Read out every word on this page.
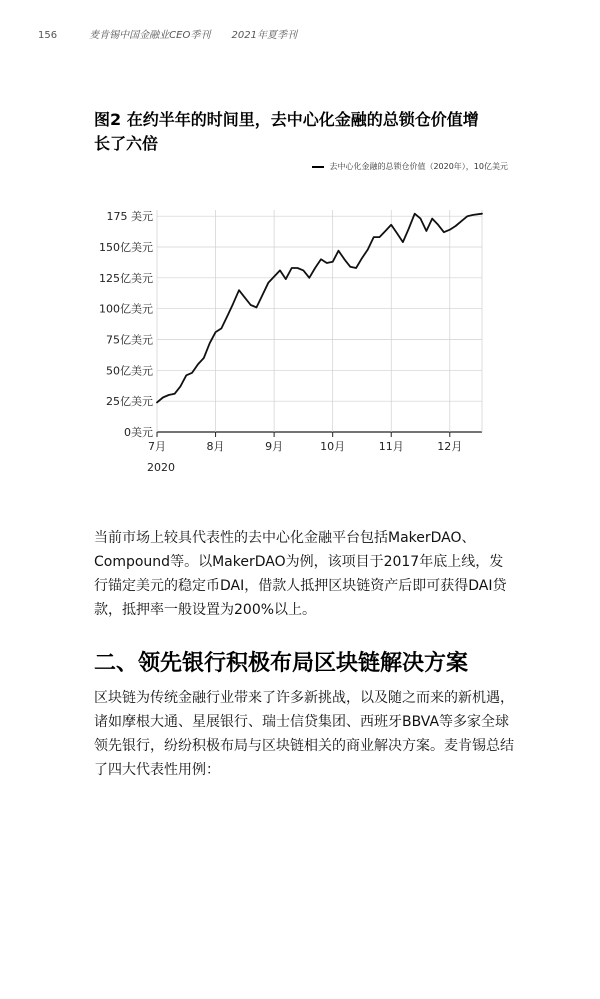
156	麦肯锡中国金融业CEO季刊 2021年夏季刊
图2 在约半年的时间里，去中心化金融的总锁仓价值增
长了六倍
去中心化金融的总锁仓价值（2020年），10亿美元
0美元
25亿美元
50亿美元
75亿美元
100亿美元
125亿美元
150亿美元
175 美元
7月	8月	9月	10月	11月	12月
2020
当前市场上较具代表性的去中心化金融平台包括MakerDAO、Compound等。以MakerDAO为例，该项目于2017年底上线，发行锚定美元的稳定币DAI，借款人抵押区块链资产后即可获得DAI贷款，抵押率一般设置为200%以上。
二、领先银行积极布局区块链解决方案
区块链为传统金融行业带来了许多新挑战，以及随之而来的新机遇，诸如摩根大通、星展银行、瑞士信贷集团、西班牙BBVA等多家全球领先银行，纷纷积极布局与区块链相关的商业解决方案。麦肯锡总结了四大代表性用例：
